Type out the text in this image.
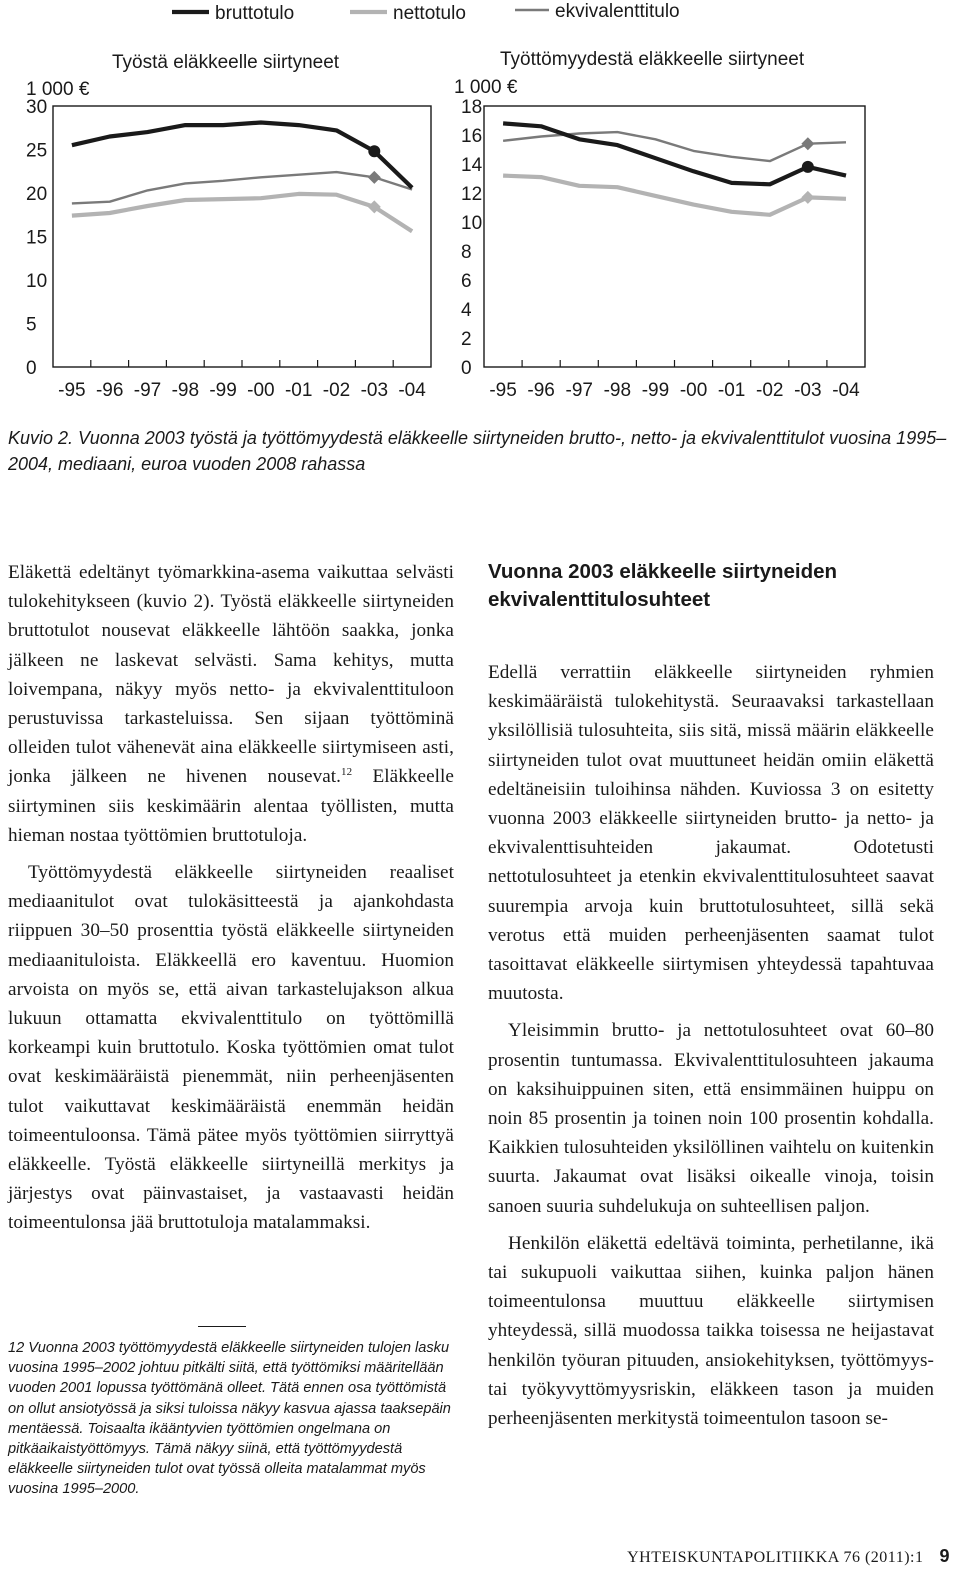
bruttotulo	nettotulo	ekvivalenttitulo
Työstä eläkkeelle siirtyneet
1 000 €
0
5
10
15
20
25
30
-95 -96 -97 -98 -99 -00 -01 -02 -03 -04
Työttömyydestä eläkkeelle siirtyneet
1 000 €
0
2
4
6
8
10
12
14
16
18
-95 -96 -97 -98 -99 -00 -01 -02 -03 -04

Kuvio 2. Vuonna 2003 työstä ja työttömyydestä eläkkeelle siirtyneiden brutto-, netto- ja ekvivalenttitulot vuosina 1995–2004, mediaani, euroa vuoden 2008 rahassa

Eläkettä edeltänyt työmarkkina-asema vaikuttaa selvästi tulokehitykseen (kuvio 2). Työstä eläkkeelle siirtyneiden bruttotulot nousevat eläkkeelle lähtöön saakka, jonka jälkeen ne laskevat selvästi. Sama kehitys, mutta loivempana, näkyy myös netto- ja ekvivalenttituloon perustuvissa tarkasteluissa. Sen sijaan työttöminä olleiden tulot vähenevät aina eläkkeelle siirtymiseen asti, jonka jälkeen ne hivenen nousevat.$^{12}$ Eläkkeelle siirtyminen siis keskimäärin alentaa työllisten, mutta hieman nostaa työttömien bruttotuloja.

Työttömyydestä eläkkeelle siirtyneiden reaaliset mediaanitulot ovat tulokäsitteestä ja ajankohdasta riippuen 30–50 prosenttia työstä eläkkeelle siirtyneiden mediaanituloista. Eläkkeellä ero kaventuu. Huomion arvoista on myös se, että aivan tarkastelujakson alkua lukuun ottamatta ekvivalenttitulo on työttömillä korkeampi kuin bruttotulo. Koska työttömien omat tulot ovat keskimääräistä pienemmät, niin perheenjäsenten tulot vaikuttavat keskimääräistä enemmän heidän toimeentuloonsa. Tämä pätee myös työttömien siirryttyä eläkkeelle. Työstä eläkkeelle siirtyneillä merkitys ja järjestys ovat päinvastaiset, ja vastaavasti heidän toimeentulonsa jää bruttotuloja matalammaksi.

Vuonna 2003 eläkkeelle siirtyneiden ekvivalenttitulosuhteet

Edellä verrattiin eläkkeelle siirtyneiden ryhmien keskimääräistä tulokehitystä. Seuraavaksi tarkastellaan yksilöllisiä tulosuhteita, siis sitä, missä määrin eläkkeelle siirtyneiden tulot ovat muuttuneet heidän omiin eläkettä edeltäneisiin tuloihinsa nähden. Kuviossa 3 on esitetty vuonna 2003 eläkkeelle siirtyneiden brutto- ja netto- ja ekvivalenttisuhteiden jakaumat. Odotetusti nettotulosuhteet ja etenkin ekvivalenttitulosuhteet saavat suurempia arvoja kuin bruttotulosuhteet, sillä sekä verotus että muiden perheenjäsenten saamat tulot tasoittavat eläkkeelle siirtymisen yhteydessä tapahtuvaa muutosta.

Yleisimmin brutto- ja nettotulosuhteet ovat 60–80 prosentin tuntumassa. Ekvivalenttitulosuhteen jakauma on kaksihuippuinen siten, että ensimmäinen huippu on noin 85 prosentin ja toinen noin 100 prosentin kohdalla. Kaikkien tulosuhteiden yksilöllinen vaihtelu on kuitenkin suurta. Jakaumat ovat lisäksi oikealle vinoja, toisin sanoen suuria suhdelukuja on suhteellisen paljon.

Henkilön eläkettä edeltävä toiminta, perhetilanne, ikä tai sukupuoli vaikuttaa siihen, kuinka paljon hänen toimeentulonsa muuttuu eläkkeelle siirtymisen yhteydessä, sillä muodossa taikka toisessa ne heijastavat henkilön työuran pituuden, ansiokehityksen, työttömyys- tai työkyvyttömyysriskin, eläkkeen tason ja muiden perheenjäsenten merkitystä toimeentulon tasoon se-

12 Vuonna 2003 työttömyydestä eläkkeelle siirtyneiden tulojen lasku vuosina 1995–2002 johtuu pitkälti siitä, että työttömiksi määritellään vuoden 2001 lopussa työttömänä olleet. Tätä ennen osa työttömistä on ollut ansiotyössä ja siksi tuloissa näkyy kasvua ajassa taaksepäin mentäessä. Toisaalta ikääntyvien työttömien ongelmana on pitkäaikaistyöttömyys. Tämä näkyy siinä, että työttömyydestä eläkkeelle siirtyneiden tulot ovat työssä olleita matalammat myös vuosina 1995–2000.

YHTEISKUNTAPOLITIIKKA 76 (2011):1 9
